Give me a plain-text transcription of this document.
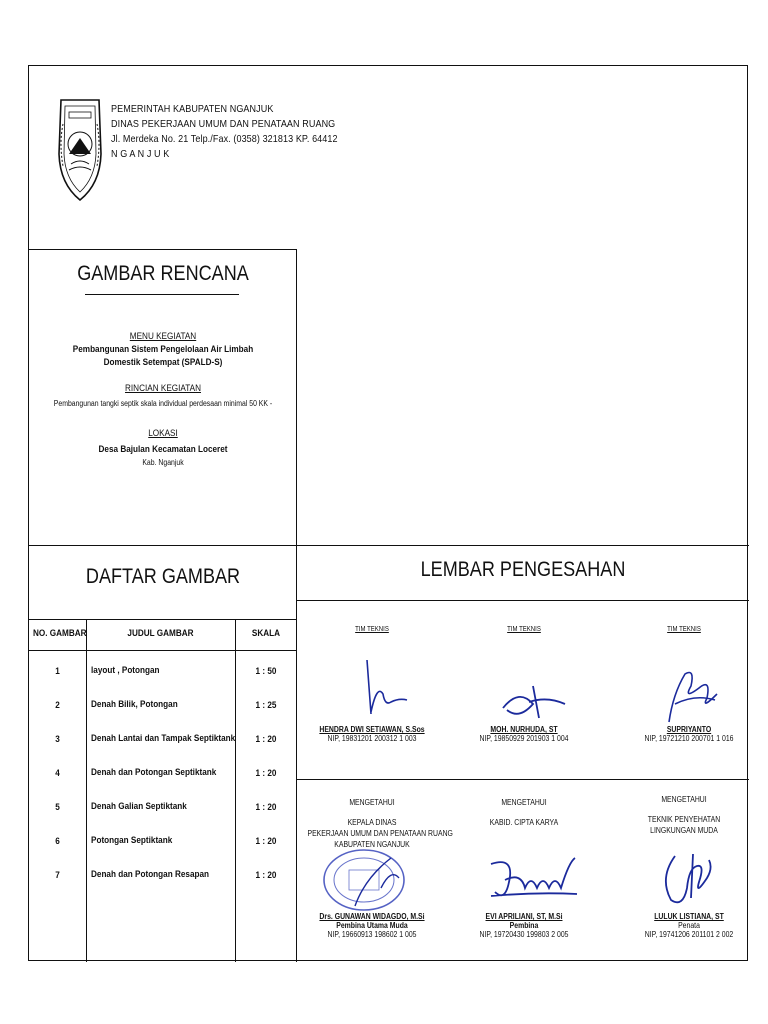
PEMERINTAH KABUPATEN NGANJUK
DINAS PEKERJAAN UMUM DAN PENATAAN RUANG
Jl. Merdeka No. 21 Telp./Fax. (0358) 321813 KP. 64412
N G A N J U K
GAMBAR RENCANA
MENU KEGIATAN
Pembangunan Sistem Pengelolaan Air Limbah
Domestik Setempat (SPALD-S)
RINCIAN KEGIATAN
Pembangunan tangki septik skala individual perdesaan minimal 50 KK -
LOKASI
Desa Bajulan Kecamatan Loceret
Kab. Nganjuk
DAFTAR GAMBAR
NO. GAMBAR	JUDUL GAMBAR	SKALA
1	layout , Potongan	1 : 50
2	Denah Bilik, Potongan	1 : 25
3	Denah Lantai dan Tampak Septiktank	1 : 20
4	Denah dan Potongan Septiktank	1 : 20
5	Denah Galian Septiktank	1 : 20
6	Potongan Septiktank	1 : 20
7	Denah dan Potongan Resapan	1 : 20
LEMBAR PENGESAHAN
TIM TEKNIS
HENDRA DWI SETIAWAN, S.Sos
NIP, 19831201 200312 1 003
TIM TEKNIS
MOH. NURHUDA, ST
NIP, 19850929 201903 1 004
TIM TEKNIS
SUPRIYANTO
NIP, 19721210 200701 1 016
MENGETAHUI
KEPALA DINAS
PEKERJAAN UMUM DAN PENATAAN RUANG
KABUPATEN NGANJUK
Drs. GUNAWAN WIDAGDO, M.Si
Pembina Utama Muda
NIP, 19660913 198602 1 005
MENGETAHUI
KABID. CIPTA KARYA
EVI APRILIANI, ST, M.Si
Pembina
NIP, 19720430 199803 2 005
MENGETAHUI
TEKNIK PENYEHATAN
LINGKUNGAN MUDA
LULUK LISTIANA, ST
Penata
NIP, 19741206 201101 2 002
